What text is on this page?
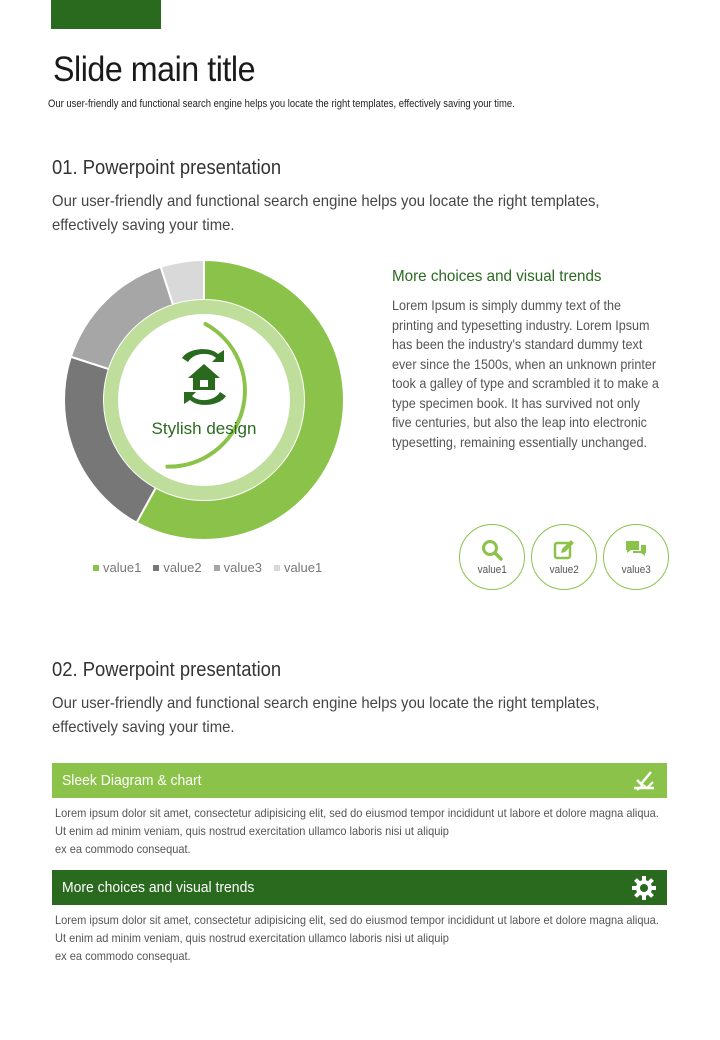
Slide main title
Our user-friendly and functional search engine helps you locate the right templates, effectively saving your time.
01. Powerpoint presentation
Our user-friendly and functional search engine helps you locate the right templates, effectively saving your time.
Stylish design
value1 value2 value3 value1
More choices and visual trends
Lorem Ipsum is simply dummy text of the printing and typesetting industry. Lorem Ipsum has been the industry's standard dummy text ever since the 1500s, when an unknown printer took a galley of type and scrambled it to make a type specimen book. It has survived not only five centuries, but also the leap into electronic typesetting, remaining essentially unchanged.
value1	value2	value3
02. Powerpoint presentation
Our user-friendly and functional search engine helps you locate the right templates, effectively saving your time.
Sleek Diagram & chart
Lorem ipsum dolor sit amet, consectetur adipisicing elit, sed do eiusmod tempor incididunt ut labore et dolore magna aliqua.
Ut enim ad minim veniam, quis nostrud exercitation ullamco laboris nisi ut aliquip
ex ea commodo consequat.
More choices and visual trends
Lorem ipsum dolor sit amet, consectetur adipisicing elit, sed do eiusmod tempor incididunt ut labore et dolore magna aliqua.
Ut enim ad minim veniam, quis nostrud exercitation ullamco laboris nisi ut aliquip
ex ea commodo consequat.
